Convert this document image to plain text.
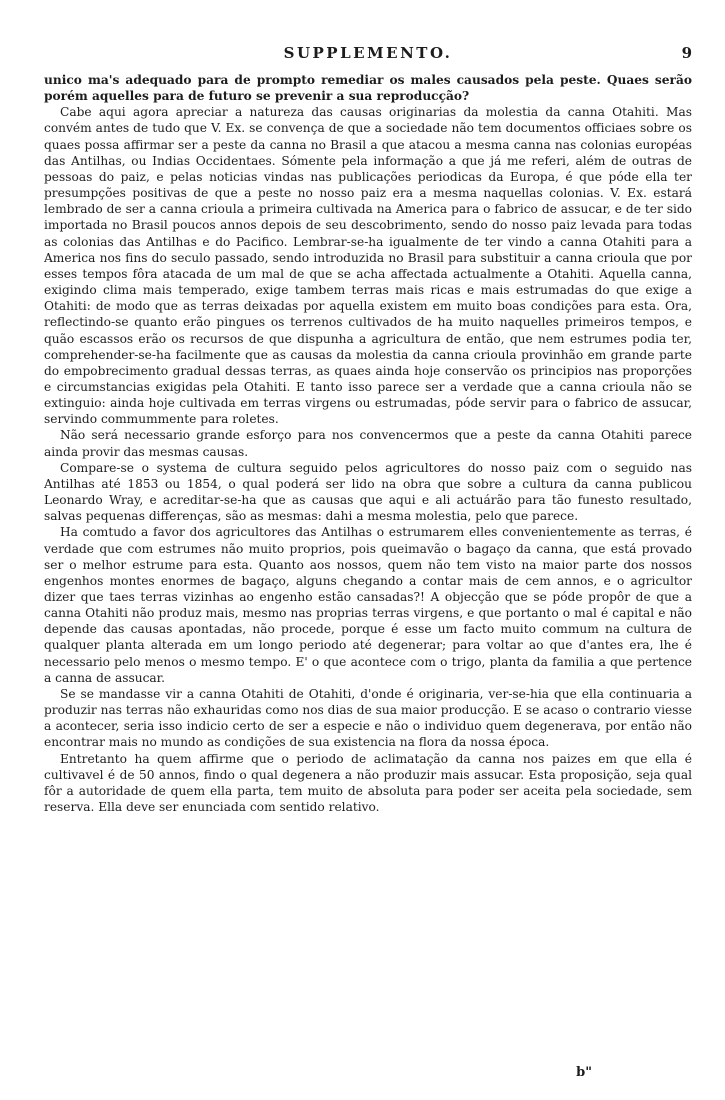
SUPPLEMENTO.	9

unico ma's adequado para de prompto remediar os males causados pela peste. Quaes serão porém aquelles para de futuro se prevenir a sua reproducção?

Cabe aqui agora apreciar a natureza das causas originarias da molestia da canna Otahiti. Mas convém antes de tudo que V. Ex. se convença de que a sociedade não tem documentos officiaes sobre os quaes possa affirmar ser a peste da canna no Brasil a que atacou a mesma canna nas colonias européas das Antilhas, ou Indias Occidentaes. Sómente pela informação a que já me referi, além de outras de pessoas do paiz, e pelas noticias vindas nas publicações periodicas da Europa, é que póde ella ter presumpções positivas de que a peste no nosso paiz era a mesma naquellas colonias. V. Ex. estará lembrado de ser a canna crioula a primeira cultivada na America para o fabrico de assucar, e de ter sido importada no Brasil poucos annos depois de seu descobrimento, sendo do nosso paiz levada para todas as colonias das Antilhas e do Pacifico. Lembrar-se-ha igualmente de ter vindo a canna Otahiti para a America nos fins do seculo passado, sendo introduzida no Brasil para substituir a canna crioula que por esses tempos fôra atacada de um mal de que se acha affectada actualmente a Otahiti. Aquella canna, exigindo clima mais temperado, exige tambem terras mais ricas e mais estrumadas do que exige a Otahiti: de modo que as terras deixadas por aquella existem em muito boas condições para esta. Ora, reflectindo-se quanto erão pingues os terrenos cultivados de ha muito naquelles primeiros tempos, e quão escassos erão os recursos de que dispunha a agricultura de então, que nem estrumes podia ter, comprehender-se-ha facilmente que as causas da molestia da canna crioula provinhão em grande parte do empobrecimento gradual dessas terras, as quaes ainda hoje conservão os principios nas proporções e circumstancias exigidas pela Otahiti. E tanto isso parece ser a verdade que a canna crioula não se extinguio: ainda hoje cultivada em terras virgens ou estrumadas, póde servir para o fabrico de assucar, servindo commummente para roletes.

Não será necessario grande esforço para nos convencermos que a peste da canna Otahiti parece ainda provir das mesmas causas.

Compare-se o systema de cultura seguido pelos agricultores do nosso paiz com o seguido nas Antilhas até 1853 ou 1854, o qual poderá ser lido na obra que sobre a cultura da canna publicou Leonardo Wray, e acreditar-se-ha que as causas que aqui e ali actuárão para tão funesto resultado, salvas pequenas differenças, são as mesmas: dahi a mesma molestia, pelo que parece.

Ha comtudo a favor dos agricultores das Antilhas o estrumarem elles convenientemente as terras, é verdade que com estrumes não muito proprios, pois queimavão o bagaço da canna, que está provado ser o melhor estrume para esta. Quanto aos nossos, quem não tem visto na maior parte dos nossos engenhos montes enormes de bagaço, alguns chegando a contar mais de cem annos, e o agricultor dizer que taes terras vizinhas ao engenho estão cansadas?! A objecção que se póde propôr de que a canna Otahiti não produz mais, mesmo nas proprias terras virgens, e que portanto o mal é capital e não depende das causas apontadas, não procede, porque é esse um facto muito commum na cultura de qualquer planta alterada em um longo periodo até degenerar; para voltar ao que d'antes era, lhe é necessario pelo menos o mesmo tempo. E' o que acontece com o trigo, planta da familia a que pertence a canna de assucar.

Se se mandasse vir a canna Otahiti de Otahiti, d'onde é originaria, ver-se-hia que ella continuaria a produzir nas terras não exhauridas como nos dias de sua maior producção. E se acaso o contrario viesse a acontecer, seria isso indicio certo de ser a especie e não o individuo quem degenerava, por então não encontrar mais no mundo as condições de sua existencia na flora da nossa época.

Entretanto ha quem affirme que o periodo de aclimatação da canna nos paizes em que ella é cultivavel é de 50 annos, findo o qual degenera a não produzir mais assucar. Esta proposição, seja qual fôr a autoridade de quem ella parta, tem muito de absoluta para poder ser aceita pela sociedade, sem reserva. Ella deve ser enunciada com sentido relativo.

b"
